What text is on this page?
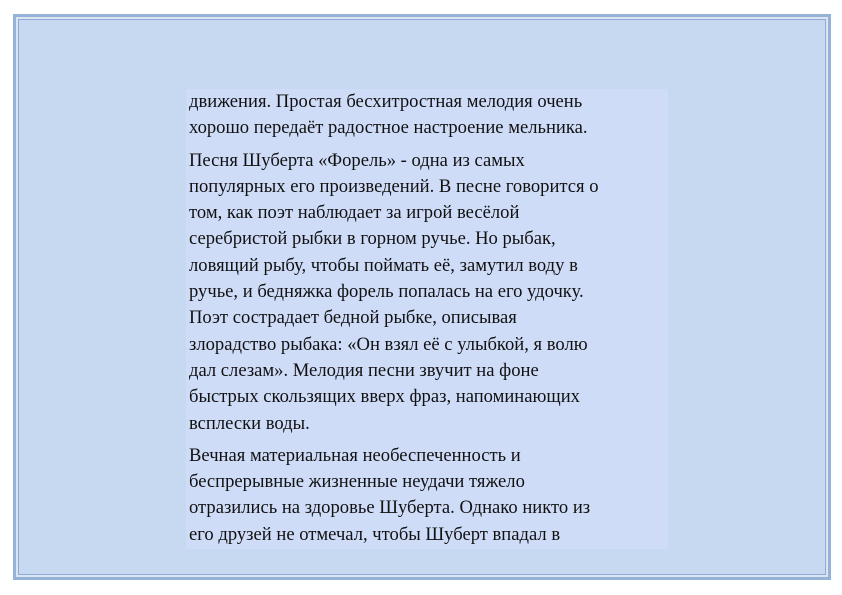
движения. Простая бесхитростная мелодия очень
хорошо передаёт радостное настроение мельника.

Песня Шуберта «Форель» - одна из самых
популярных его произведений. В песне говорится о
том, как поэт наблюдает за игрой весёлой
серебристой рыбки в горном ручье. Но рыбак,
ловящий рыбу, чтобы поймать её, замутил воду в
ручье, и бедняжка форель попалась на его удочку.
Поэт сострадает бедной рыбке, описывая
злорадство рыбака: «Он взял её с улыбкой, я волю
дал слезам». Мелодия песни звучит на фоне
быстрых скользящих вверх фраз, напоминающих
всплески воды.

Вечная материальная необеспеченность и
беспрерывные жизненные неудачи тяжело
отразились на здоровье Шуберта. Однако никто из
его друзей не отмечал, чтобы Шуберт впадал в
